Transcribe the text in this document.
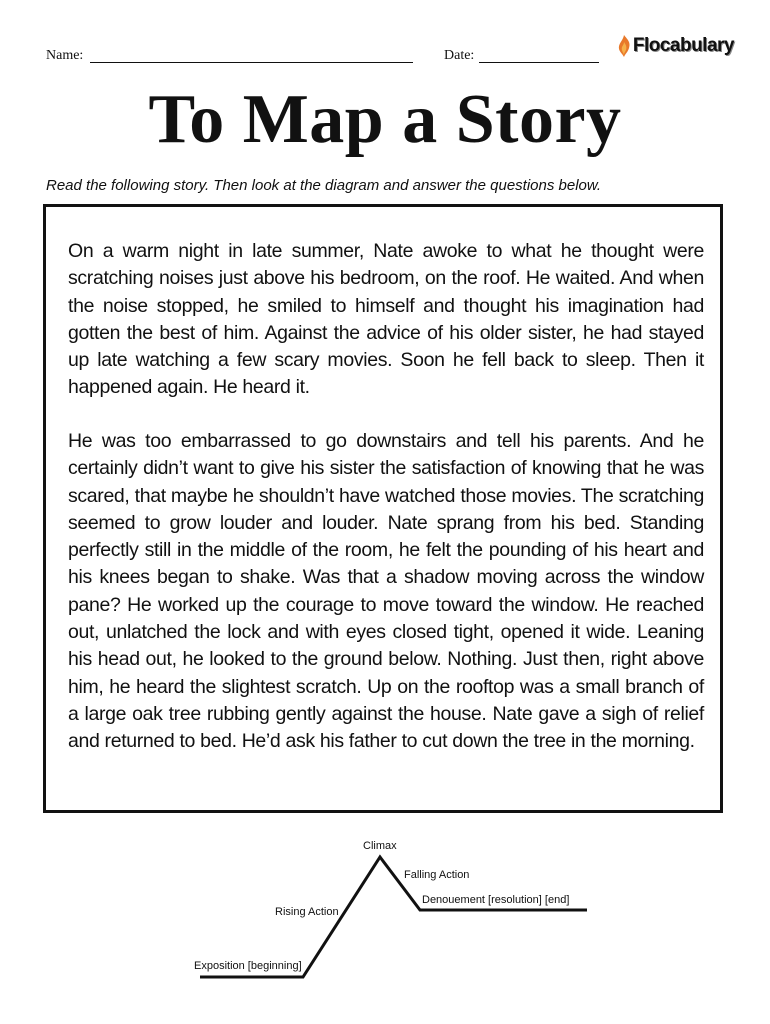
Name:	Date:	Flocabulary
To Map a Story

Read the following story. Then look at the diagram and answer the questions below.

On a warm night in late summer, Nate awoke to what he thought were scratching noises just above his bedroom, on the roof. He waited. And when the noise stopped, he smiled to himself and thought his imagination had gotten the best of him. Against the advice of his older sister, he had stayed up late watching a few scary movies. Soon he fell back to sleep. Then it happened again. He heard it.

He was too embarrassed to go downstairs and tell his parents. And he certainly didn’t want to give his sister the satisfaction of knowing that he was scared, that maybe he shouldn’t have watched those movies. The scratching seemed to grow louder and louder. Nate sprang from his bed. Standing perfectly still in the middle of the room, he felt the pounding of his heart and his knees began to shake. Was that a shadow moving across the window pane? He worked up the courage to move toward the window. He reached out, unlatched the lock and with eyes closed tight, opened it wide. Leaning his head out, he looked to the ground below. Nothing. Just then, right above him, he heard the slightest scratch. Up on the rooftop was a small branch of a large oak tree rubbing gently against the house. Nate gave a sigh of relief and returned to bed. He’d ask his father to cut down the tree in the morning.

Climax
Falling Action
Denouement [resolution] [end]
Rising Action
Exposition [beginning]
